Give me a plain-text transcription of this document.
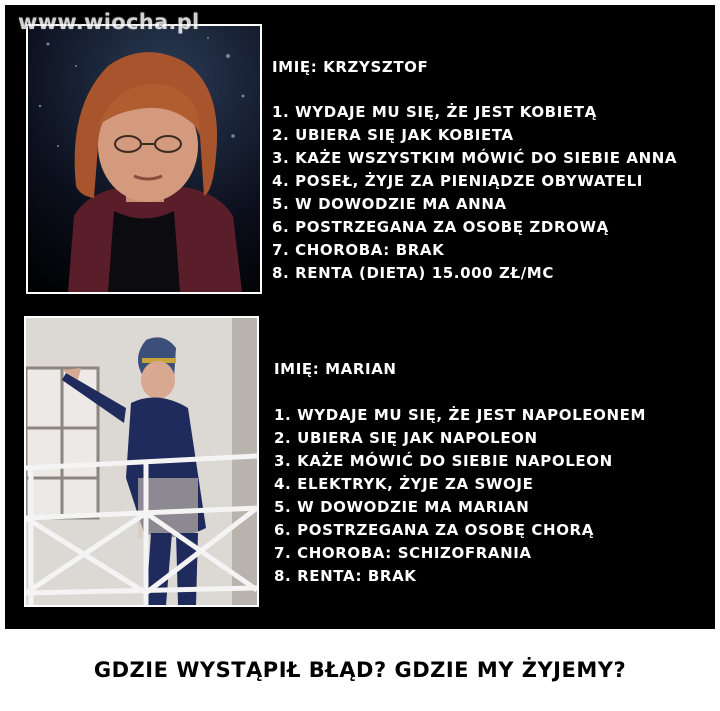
www.wiocha.pl
IMIĘ: KRZYSZTOF
1. WYDAJE MU SIĘ, ŻE JEST KOBIETĄ
2. UBIERA SIĘ JAK KOBIETA
3. KAŻE WSZYSTKIM MÓWIĆ DO SIEBIE ANNA
4. POSEŁ, ŻYJE ZA PIENIĄDZE OBYWATELI
5. W DOWODZIE MA ANNA
6. POSTRZEGANA ZA OSOBĘ ZDROWĄ
7. CHOROBA: BRAK
8. RENTA (DIETA) 15.000 ZŁ/MC
IMIĘ: MARIAN
1. WYDAJE MU SIĘ, ŻE JEST NAPOLEONEM
2. UBIERA SIĘ JAK NAPOLEON
3. KAŻE MÓWIĆ DO SIEBIE NAPOLEON
4. ELEKTRYK, ŻYJE ZA SWOJE
5. W DOWODZIE MA MARIAN
6. POSTRZEGANA ZA OSOBĘ CHORĄ
7. CHOROBA: SCHIZOFRANIA
8. RENTA: BRAK
GDZIE WYSTĄPIŁ BŁĄD? GDZIE MY ŻYJEMY?
